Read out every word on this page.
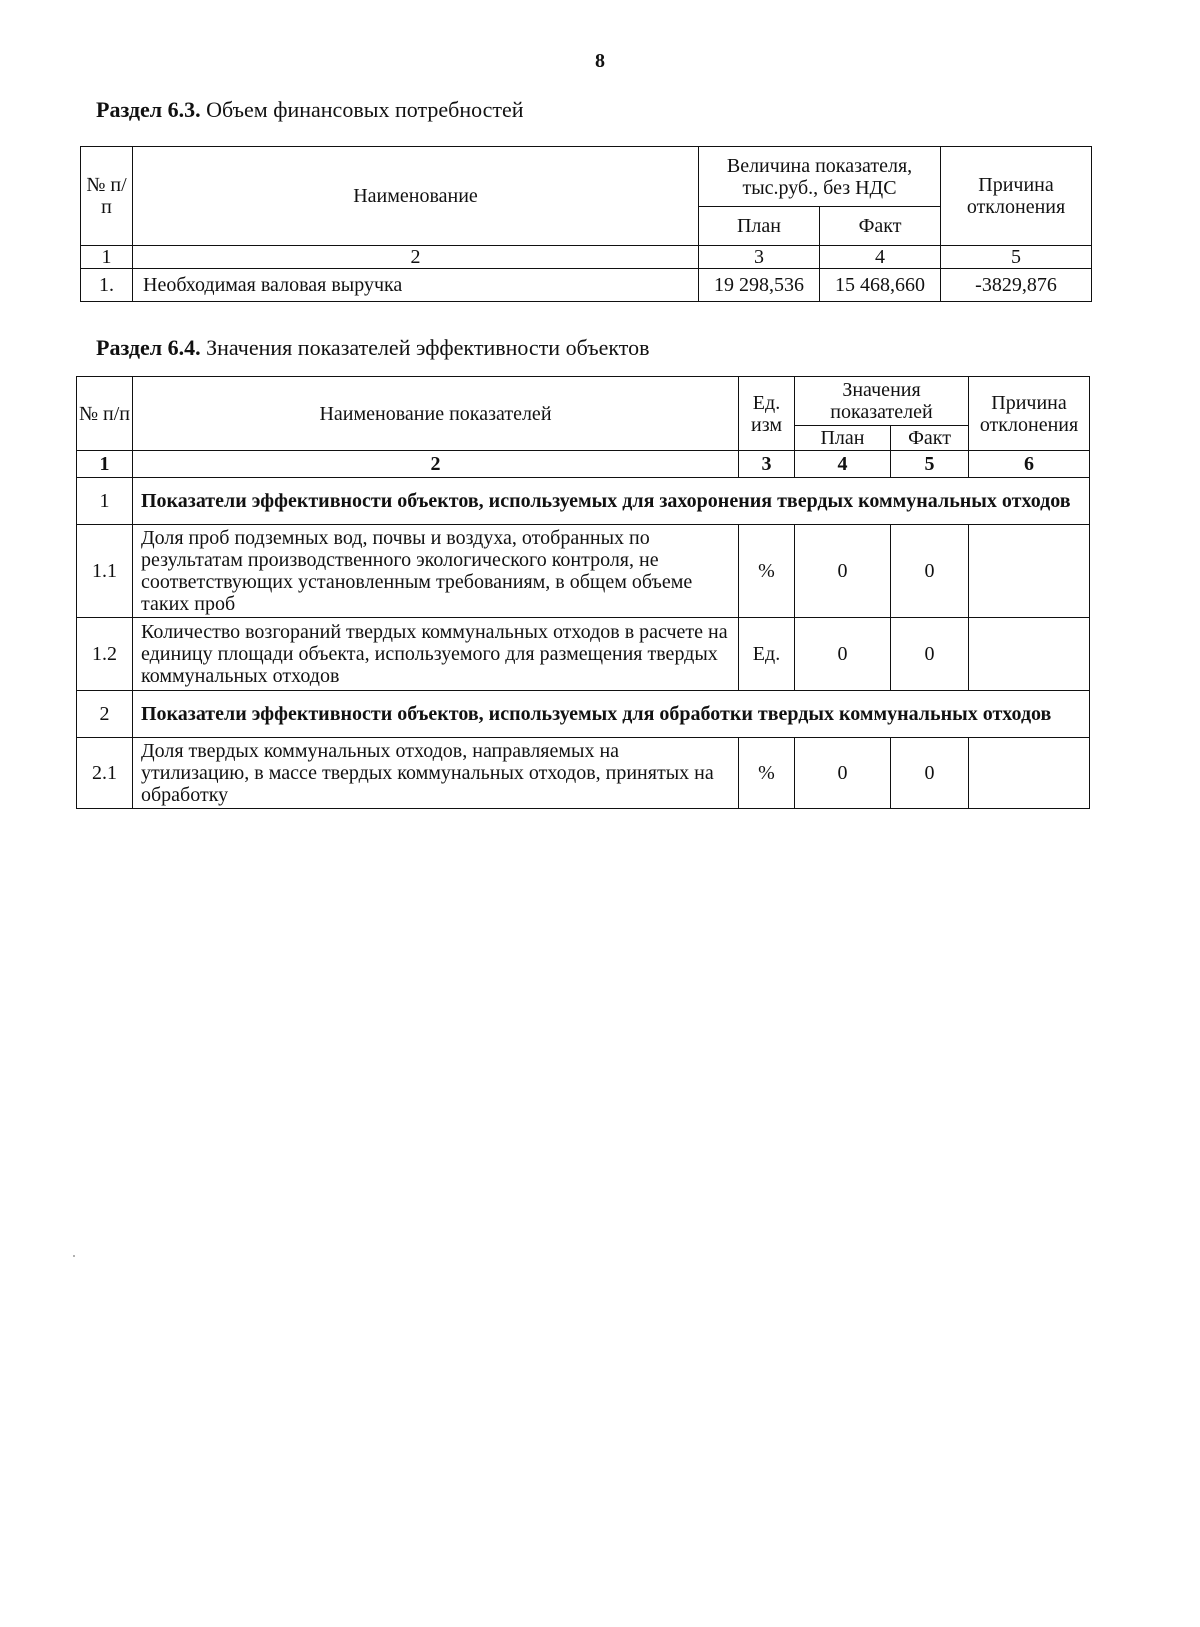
8
Раздел 6.3. Объем финансовых потребностей
№ п/п	Наименование	Величина показателя, тыс.руб., без НДС		Причина отклонения
		План	Факт	
1	2	3	4	5
1.	Необходимая валовая выручка	19 298,536	15 468,660	-3829,876
Раздел 6.4. Значения показателей эффективности объектов
№ п/п	Наименование показателей	Ед. изм	Значения показателей		Причина отклонения
			План	Факт	
1	2	3	4	5	6
1	Показатели эффективности объектов, используемых для захоронения твердых коммунальных отходов				
1.1	Доля проб подземных вод, почвы и воздуха, отобранных по результатам производственного экологического контроля, не соответствующих установленным требованиям, в общем объеме таких проб	%	0	0	
1.2	Количество возгораний твердых коммунальных отходов в расчете на единицу площади объекта, используемого для размещения твердых коммунальных отходов	Ед.	0	0	
2	Показатели эффективности объектов, используемых для обработки твердых коммунальных отходов				
2.1	Доля твердых коммунальных отходов, направляемых на утилизацию, в массе твердых коммунальных отходов, принятых на обработку	%	0	0	
